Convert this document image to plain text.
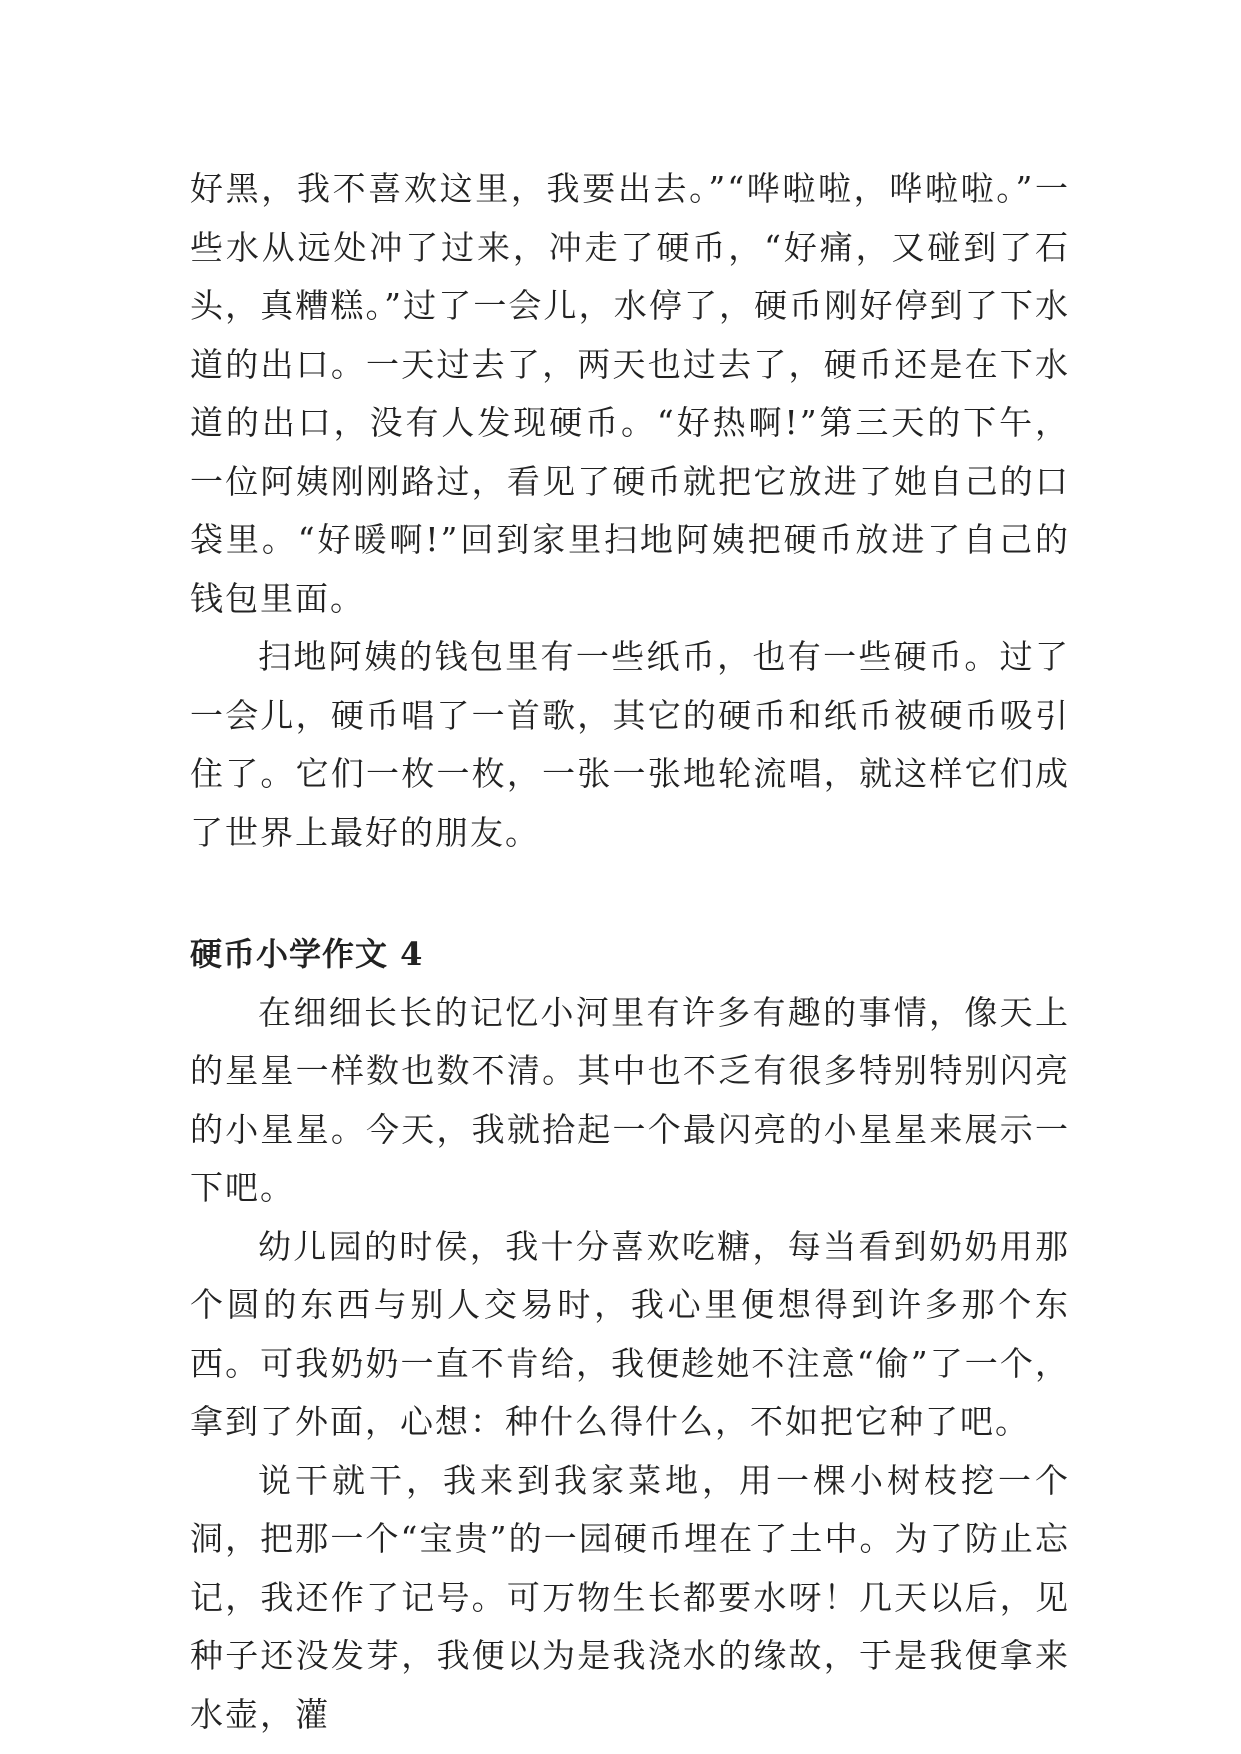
好黑，我不喜欢这里，我要出去。”“哗啦啦，哗啦啦。”一些水从远处冲了过来，冲走了硬币，“好痛，又碰到了石头，真糟糕。”过了一会儿，水停了，硬币刚好停到了下水道的出口。一天过去了，两天也过去了，硬币还是在下水道的出口，没有人发现硬币。“好热啊!”第三天的下午，一位阿姨刚刚路过，看见了硬币就把它放进了她自己的口袋里。“好暖啊!”回到家里扫地阿姨把硬币放进了自己的钱包里面。

扫地阿姨的钱包里有一些纸币，也有一些硬币。过了一会儿，硬币唱了一首歌，其它的硬币和纸币被硬币吸引住了。它们一枚一枚，一张一张地轮流唱，就这样它们成了世界上最好的朋友。

硬币小学作文 4

在细细长长的记忆小河里有许多有趣的事情，像天上的星星一样数也数不清。其中也不乏有很多特别特别闪亮的小星星。今天，我就拾起一个最闪亮的小星星来展示一下吧。

幼儿园的时侯，我十分喜欢吃糖，每当看到奶奶用那个圆的东西与别人交易时，我心里便想得到许多那个东西。可我奶奶一直不肯给，我便趁她不注意“偷”了一个，拿到了外面，心想：种什么得什么，不如把它种了吧。

说干就干，我来到我家菜地，用一棵小树枝挖一个洞，把那一个“宝贵”的一园硬币埋在了土中。为了防止忘记，我还作了记号。可万物生长都要水呀！几天以后，见种子还没发芽，我便以为是我浇水的缘故，于是我便拿来水壶，灌
